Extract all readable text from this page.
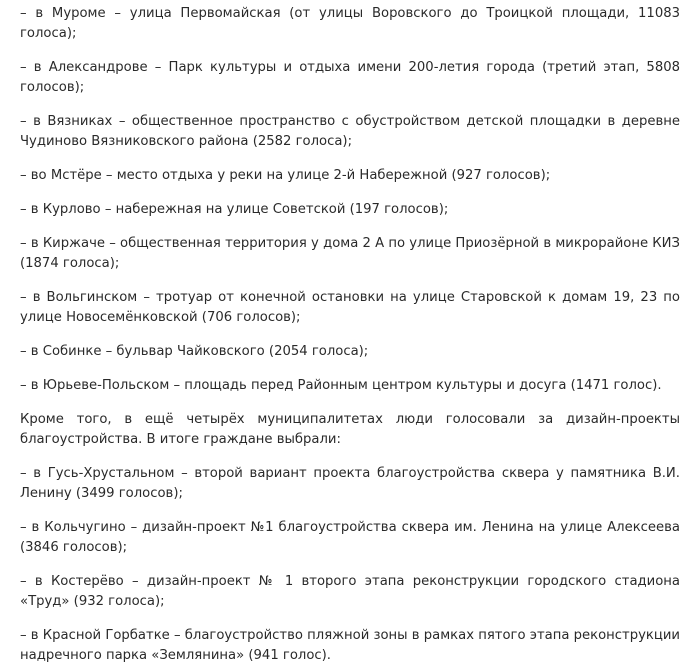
– в Муроме – улица Первомайская (от улицы Воровского до Троицкой площади, 11083 голоса);

– в Александрове – Парк культуры и отдыха имени 200-летия города (третий этап, 5808 голосов);

– в Вязниках – общественное пространство с обустройством детской площадки в деревне Чудиново Вязниковского района (2582 голоса);

– во Мстёре – место отдыха у реки на улице 2-й Набережной (927 голосов);

– в Курлово – набережная на улице Советской (197 голосов);

– в Киржаче – общественная территория у дома 2 А по улице Приозёрной в микрорайоне КИЗ (1874 голоса);

– в Вольгинском – тротуар от конечной остановки на улице Старовской к домам 19, 23 по улице Новосемёнковской (706 голосов);

– в Собинке – бульвар Чайковского (2054 голоса);

– в Юрьеве-Польском – площадь перед Районным центром культуры и досуга (1471 голос).

Кроме того, в ещё четырёх муниципалитетах люди голосовали за дизайн-проекты благоустройства. В итоге граждане выбрали:

– в Гусь-Хрустальном – второй вариант проекта благоустройства сквера у памятника В.И. Ленину (3499 голосов);

– в Кольчугино – дизайн-проект №1 благоустройства сквера им. Ленина на улице Алексеева (3846 голосов);

– в Костерёво – дизайн-проект № 1 второго этапа реконструкции городского стадиона «Труд» (932 голоса);

– в Красной Горбатке – благоустройство пляжной зоны в рамках пятого этапа реконструкции надречного парка «Землянина» (941 голос).
